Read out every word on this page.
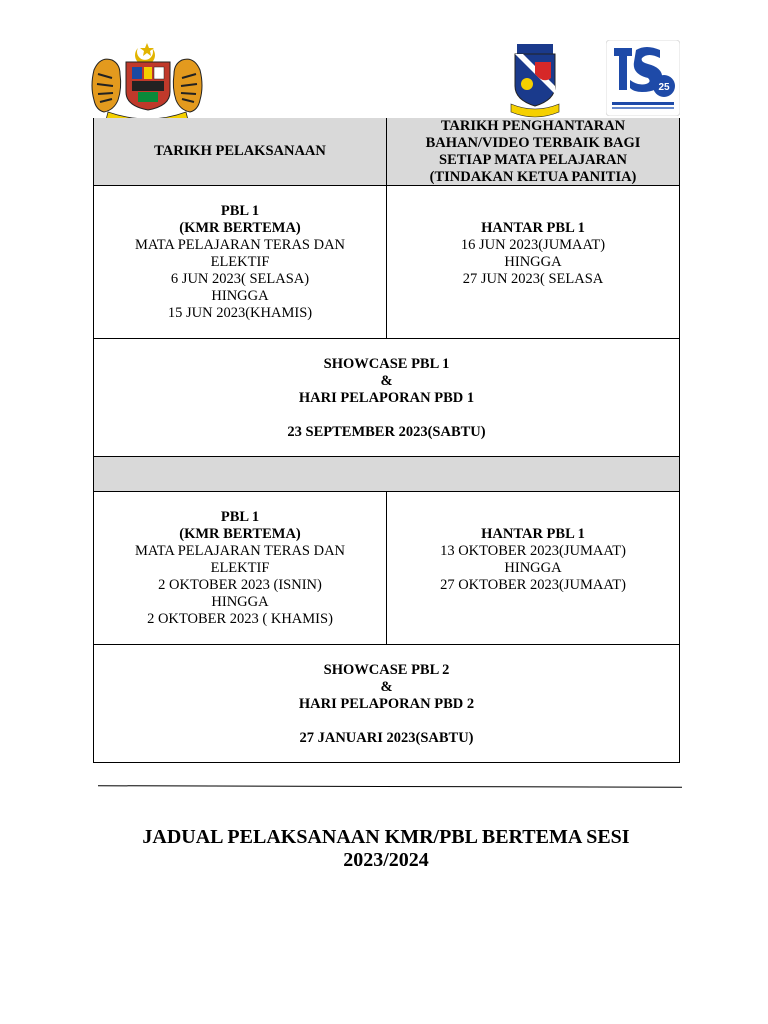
25
TARIKH PELAKSANAAN
TARIKH PENGHANTARAN
BAHAN/VIDEO TERBAIK BAGI
SETIAP MATA PELAJARAN
(TINDAKAN KETUA PANITIA)
PBL 1
(KMR BERTEMA)
MATA PELAJARAN TERAS DAN
ELEKTIF
6 JUN 2023( SELASA)
HINGGA
15 JUN 2023(KHAMIS)
HANTAR PBL 1
16 JUN 2023(JUMAAT)
HINGGA
27 JUN 2023( SELASA
SHOWCASE PBL 1
&
HARI PELAPORAN PBD 1
23 SEPTEMBER 2023(SABTU)
PBL 1
(KMR BERTEMA)
MATA PELAJARAN TERAS DAN
ELEKTIF
2 OKTOBER 2023 (ISNIN)
HINGGA
2 OKTOBER 2023 ( KHAMIS)
HANTAR PBL 1
13 OKTOBER 2023(JUMAAT)
HINGGA
27 OKTOBER 2023(JUMAAT)
SHOWCASE PBL 2
&
HARI PELAPORAN PBD 2
27 JANUARI 2023(SABTU)
JADUAL PELAKSANAAN KMR/PBL BERTEMA SESI
2023/2024
